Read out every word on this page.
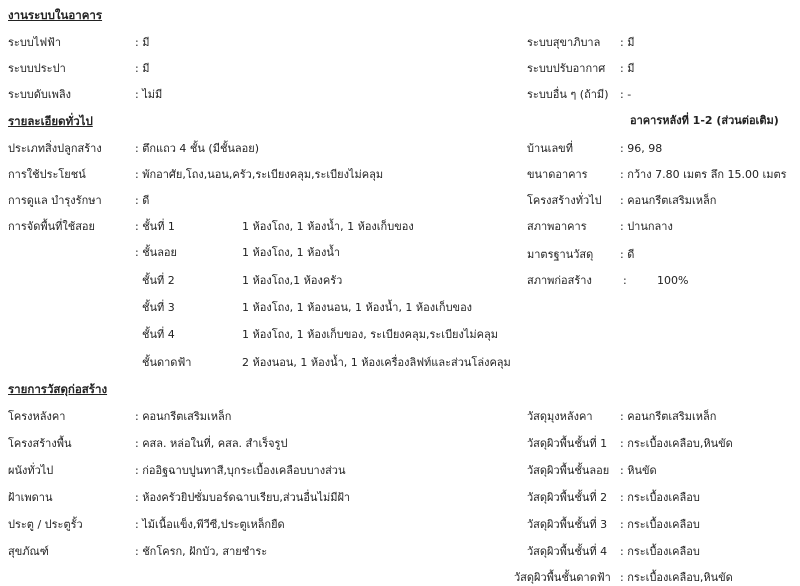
งานระบบในอาคาร
ระบบไฟฟ้า	: มี
ระบบประปา	: มี
ระบบดับเพลิง	: ไม่มี
ระบบสุขาภิบาล : มี
ระบบปรับอากาศ : มี
ระบบอื่น ๆ (ถ้ามี) : -
รายละเอียดทั่วไป	อาคารหลังที่ 1-2 (ส่วนต่อเติม)
ประเภทสิ่งปลูกสร้าง	: ตึกแถว 4 ชั้น (มีชั้นลอย)
การใช้ประโยชน์	: พักอาศัย,โถง,นอน,ครัว,ระเบียงคลุม,ระเบียงไม่คลุม
การดูแล บำรุงรักษา	: ดี
การจัดพื้นที่ใช้สอย	: ชั้นที่ 1	1 ห้องโถง, 1 ห้องน้ำ, 1 ห้องเก็บของ
: ชั้นลอย	1 ห้องโถง, 1 ห้องน้ำ
ชั้นที่ 2	1 ห้องโถง,1 ห้องครัว
ชั้นที่ 3	1 ห้องโถง, 1 ห้องนอน, 1 ห้องน้ำ, 1 ห้องเก็บของ
ชั้นที่ 4	1 ห้องโถง, 1 ห้องเก็บของ, ระเบียงคลุม,ระเบียงไม่คลุม
ชั้นดาดฟ้า	2 ห้องนอน, 1 ห้องน้ำ, 1 ห้องเครื่องลิฟท์และส่วนโล่งคลุม
บ้านเลขที่	: 96, 98
ขนาดอาคาร	: กว้าง 7.80 เมตร ลึก 15.00 เมตร
โครงสร้างทั่วไป : คอนกรีตเสริมเหล็ก
สภาพอาคาร	: ปานกลาง
มาตรฐานวัสดุ : ดี
สภาพก่อสร้าง	:	100%
รายการวัสดุก่อสร้าง
โครงหลังคา	: คอนกรีตเสริมเหล็ก
โครงสร้างพื้น	: คสล. หล่อในที่, คสล. สำเร็จรูป
ผนังทั่วไป	: ก่ออิฐฉาบปูนทาสี,บุกระเบื้องเคลือบบางส่วน
ฝ้าเพดาน	: ห้องครัวยิปซั่มบอร์ดฉาบเรียบ,ส่วนอื่นไม่มีฝ้า
ประตู / ประตูรั้ว	: ไม้เนื้อแข็ง,พีวีซี,ประตูเหล็กยืด
สุขภัณฑ์	: ชักโครก, ฝักบัว, สายชำระ
วัสดุมุงหลังคา : คอนกรีตเสริมเหล็ก
วัสดุผิวพื้นชั้นที่ 1 : กระเบื้องเคลือบ,หินขัด
วัสดุผิวพื้นชั้นลอย : หินขัด
วัสดุผิวพื้นชั้นที่ 2 : กระเบื้องเคลือบ
วัสดุผิวพื้นชั้นที่ 3 : กระเบื้องเคลือบ
วัสดุผิวพื้นชั้นที่ 4 : กระเบื้องเคลือบ
วัสดุผิวพื้นชั้นดาดฟ้า : กระเบื้องเคลือบ,หินขัด
